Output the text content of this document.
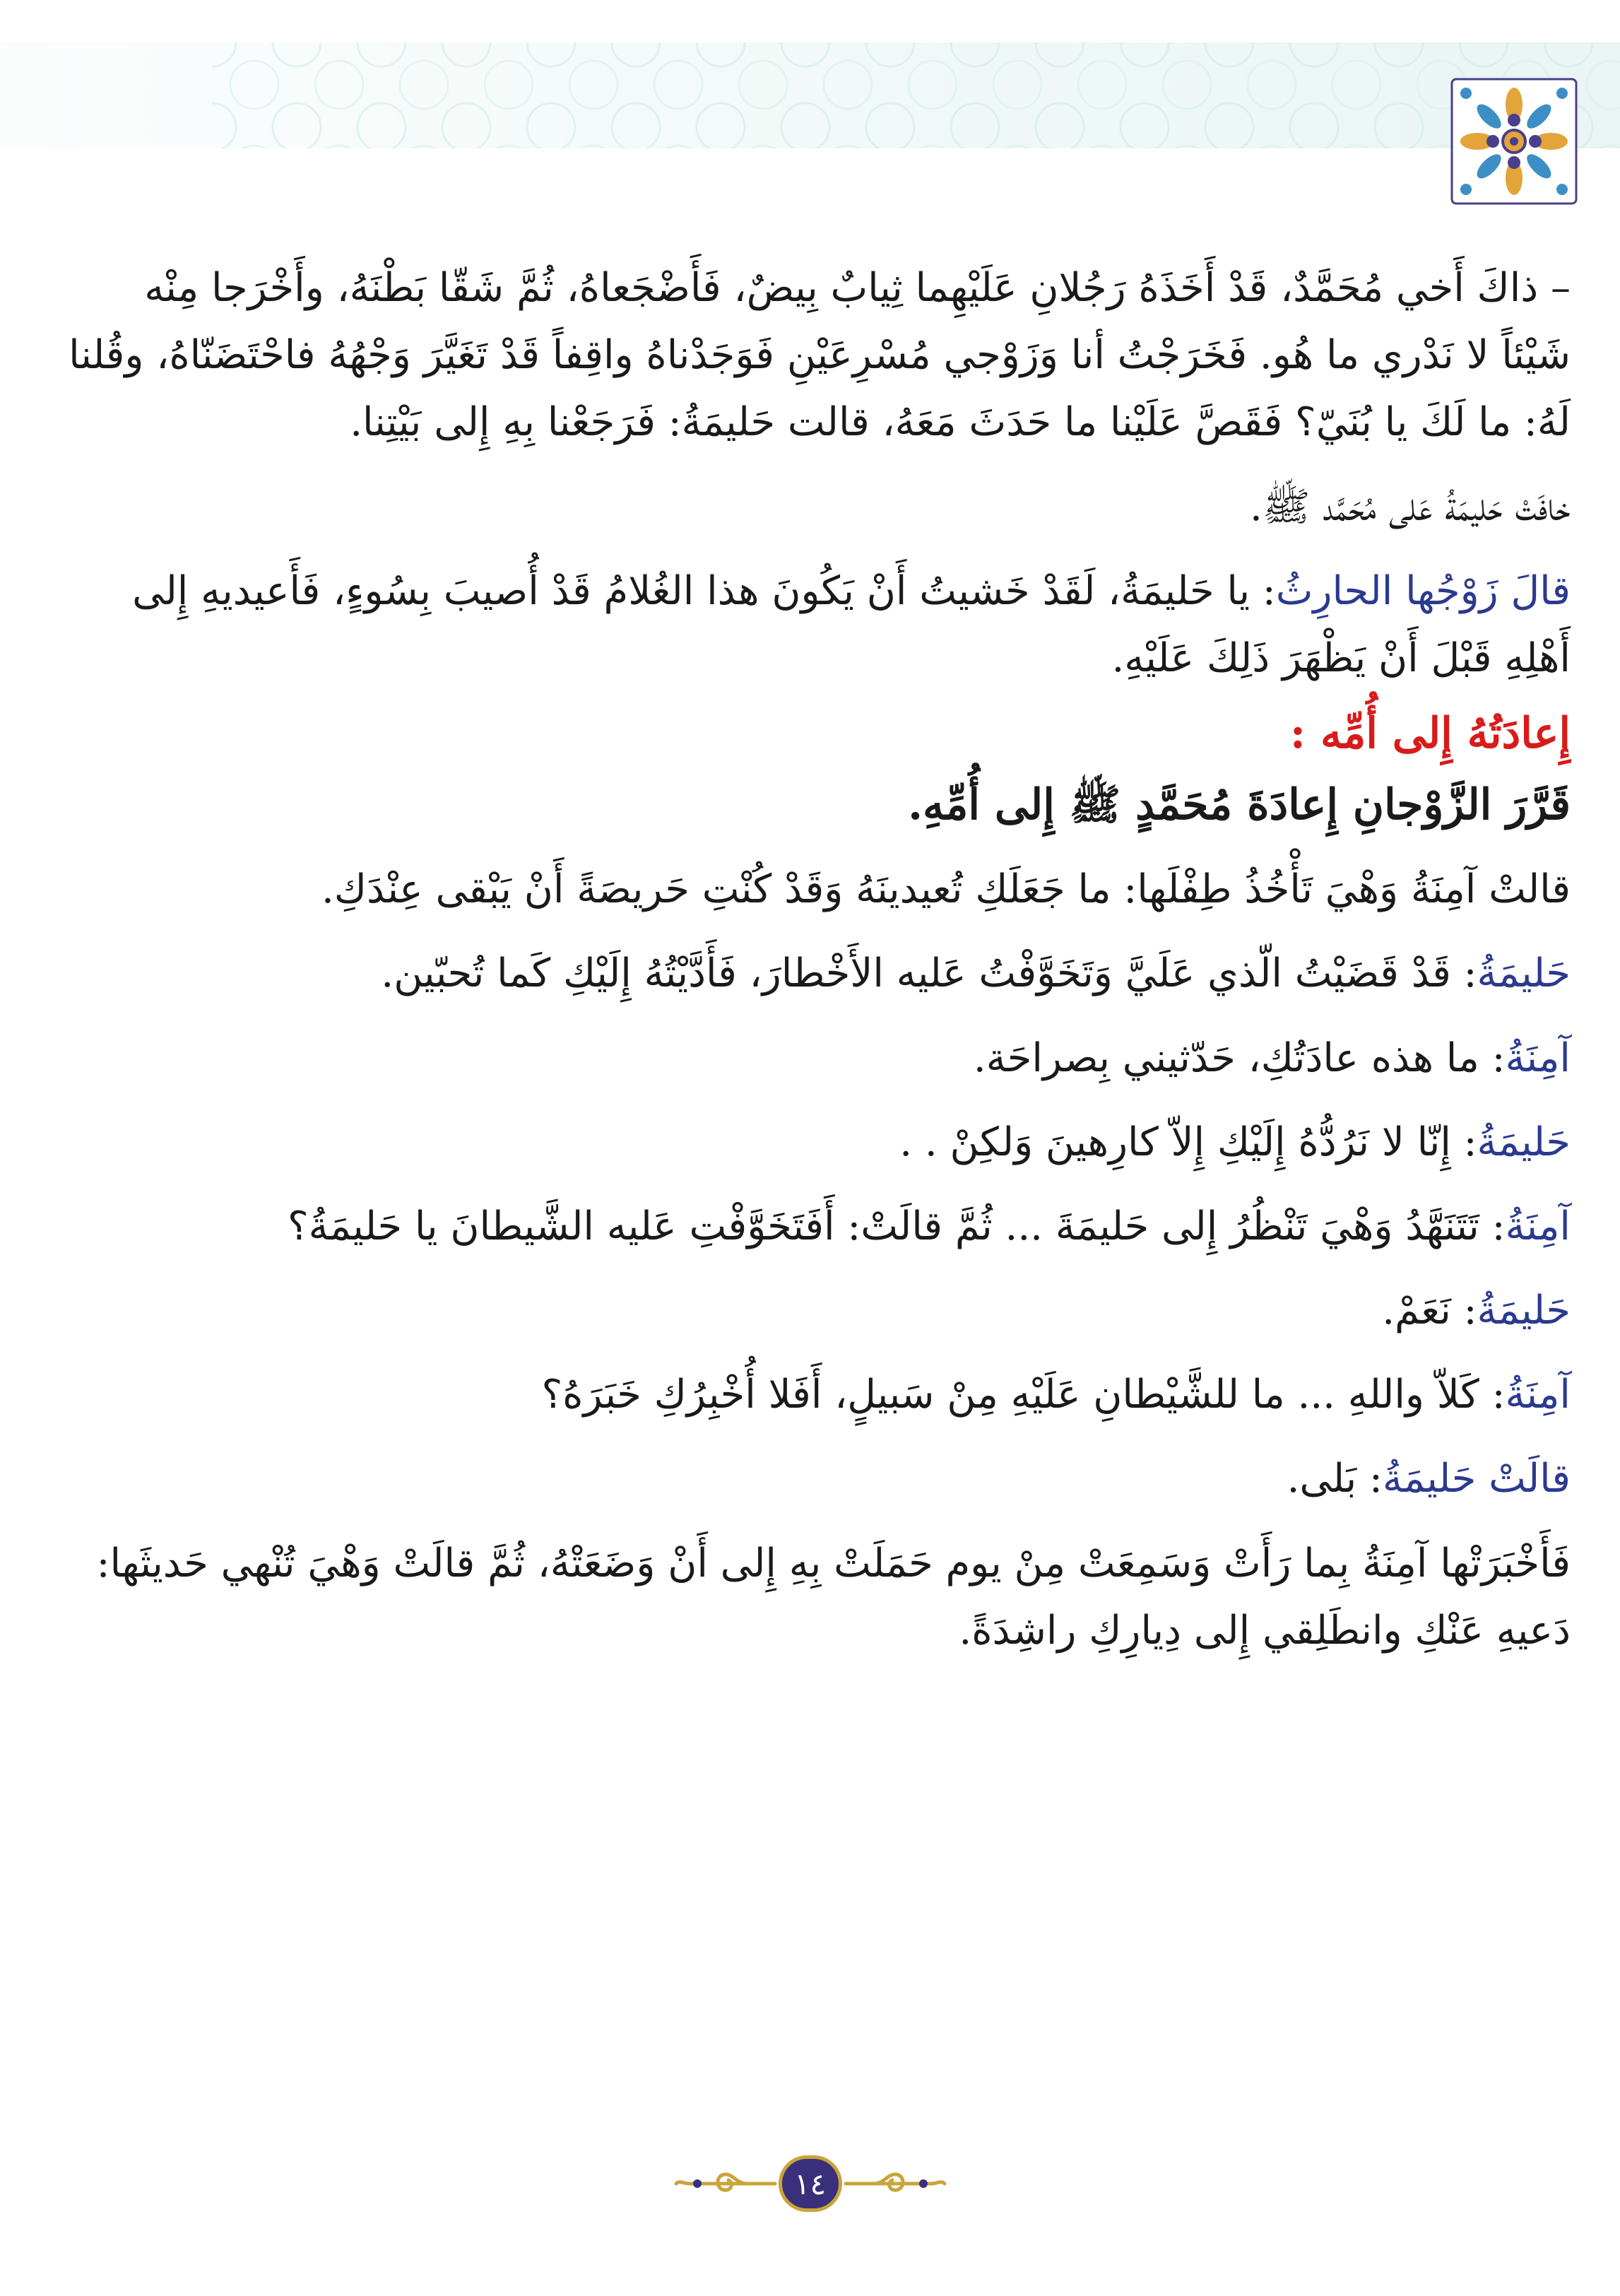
– ذاكَ أَخي مُحَمَّدٌ، قَدْ أَخَذَهُ رَجُلانِ عَلَيْهِما ثِيابٌ بِيضٌ، فَأَضْجَعاهُ، ثُمَّ شَقّا بَطْنَهُ، وأَخْرَجا مِنْه
شَيْئاً لا نَدْري ما هُو. فَخَرَجْتُ أنا وَزَوْجي مُسْرِعَيْنِ فَوَجَدْناهُ واقِفاً قَدْ تَغَيَّرَ وَجْهُهُ فاحْتَضَنّاهُ، وقُلنا
لَهُ: ما لَكَ يا بُنَيّ؟ فَقَصَّ عَلَيْنا ما حَدَثَ مَعَهُ، قالت حَليمَةُ: فَرَجَعْنا بِهِ إِلى بَيْتِنا.
خافَتْ حَليمَةُ عَلى مُحَمَّد ﷺ.
قالَ زَوْجُها الحارِثُ: يا حَليمَةُ، لَقَدْ خَشيتُ أَنْ يَكُونَ هذا الغُلامُ قَدْ أُصيبَ بِسُوءٍ، فَأَعيديهِ إِلى
أَهْلِهِ قَبْلَ أَنْ يَظْهَرَ ذَلِكَ عَلَيْهِ.
إِعادَتُهُ إِلى أُمِّه :
قَرَّرَ الزَّوْجانِ إِعادَةَ مُحَمَّدٍ ﷺ إِلى أُمِّهِ.
قالتْ آمِنَةُ وَهْيَ تَأْخُذُ طِفْلَها: ما جَعَلَكِ تُعيدينَهُ وَقَدْ كُنْتِ حَريصَةً أَنْ يَبْقى عِنْدَكِ.
حَليمَةُ: قَدْ قَضَيْتُ الّذي عَلَيَّ وَتَخَوَّفْتُ عَليه الأَخْطارَ، فَأَدَّيْتُهُ إِلَيْكِ كَما تُحبّين.
آمِنَةُ: ما هذه عادَتُكِ، حَدّثيني بِصراحَة.
حَليمَةُ: إِنّا لا نَرُدُّهُ إِلَيْكِ إِلاّ كارِهينَ وَلكِنْ . .
آمِنَةُ: تَتَنَهَّدُ وَهْيَ تَنْظُرُ إِلى حَليمَةَ ... ثُمَّ قالَتْ: أَفَتَخَوَّفْتِ عَليه الشَّيطانَ يا حَليمَةُ؟
حَليمَةُ: نَعَمْ.
آمِنَةُ: كَلاّ واللهِ ... ما للشَّيْطانِ عَلَيْهِ مِنْ سَبيلٍ، أَفَلا أُخْبِرُكِ خَبَرَهُ؟
قالَتْ حَليمَةُ: بَلى.
فَأَخْبَرَتْها آمِنَةُ بِما رَأَتْ وَسَمِعَتْ مِنْ يوم حَمَلَتْ بِهِ إِلى أَنْ وَضَعَتْهُ، ثُمَّ قالَتْ وَهْيَ تُنْهي حَديثَها:
دَعيهِ عَنْكِ وانطَلِقي إِلى دِيارِكِ راشِدَةً.
١٤
